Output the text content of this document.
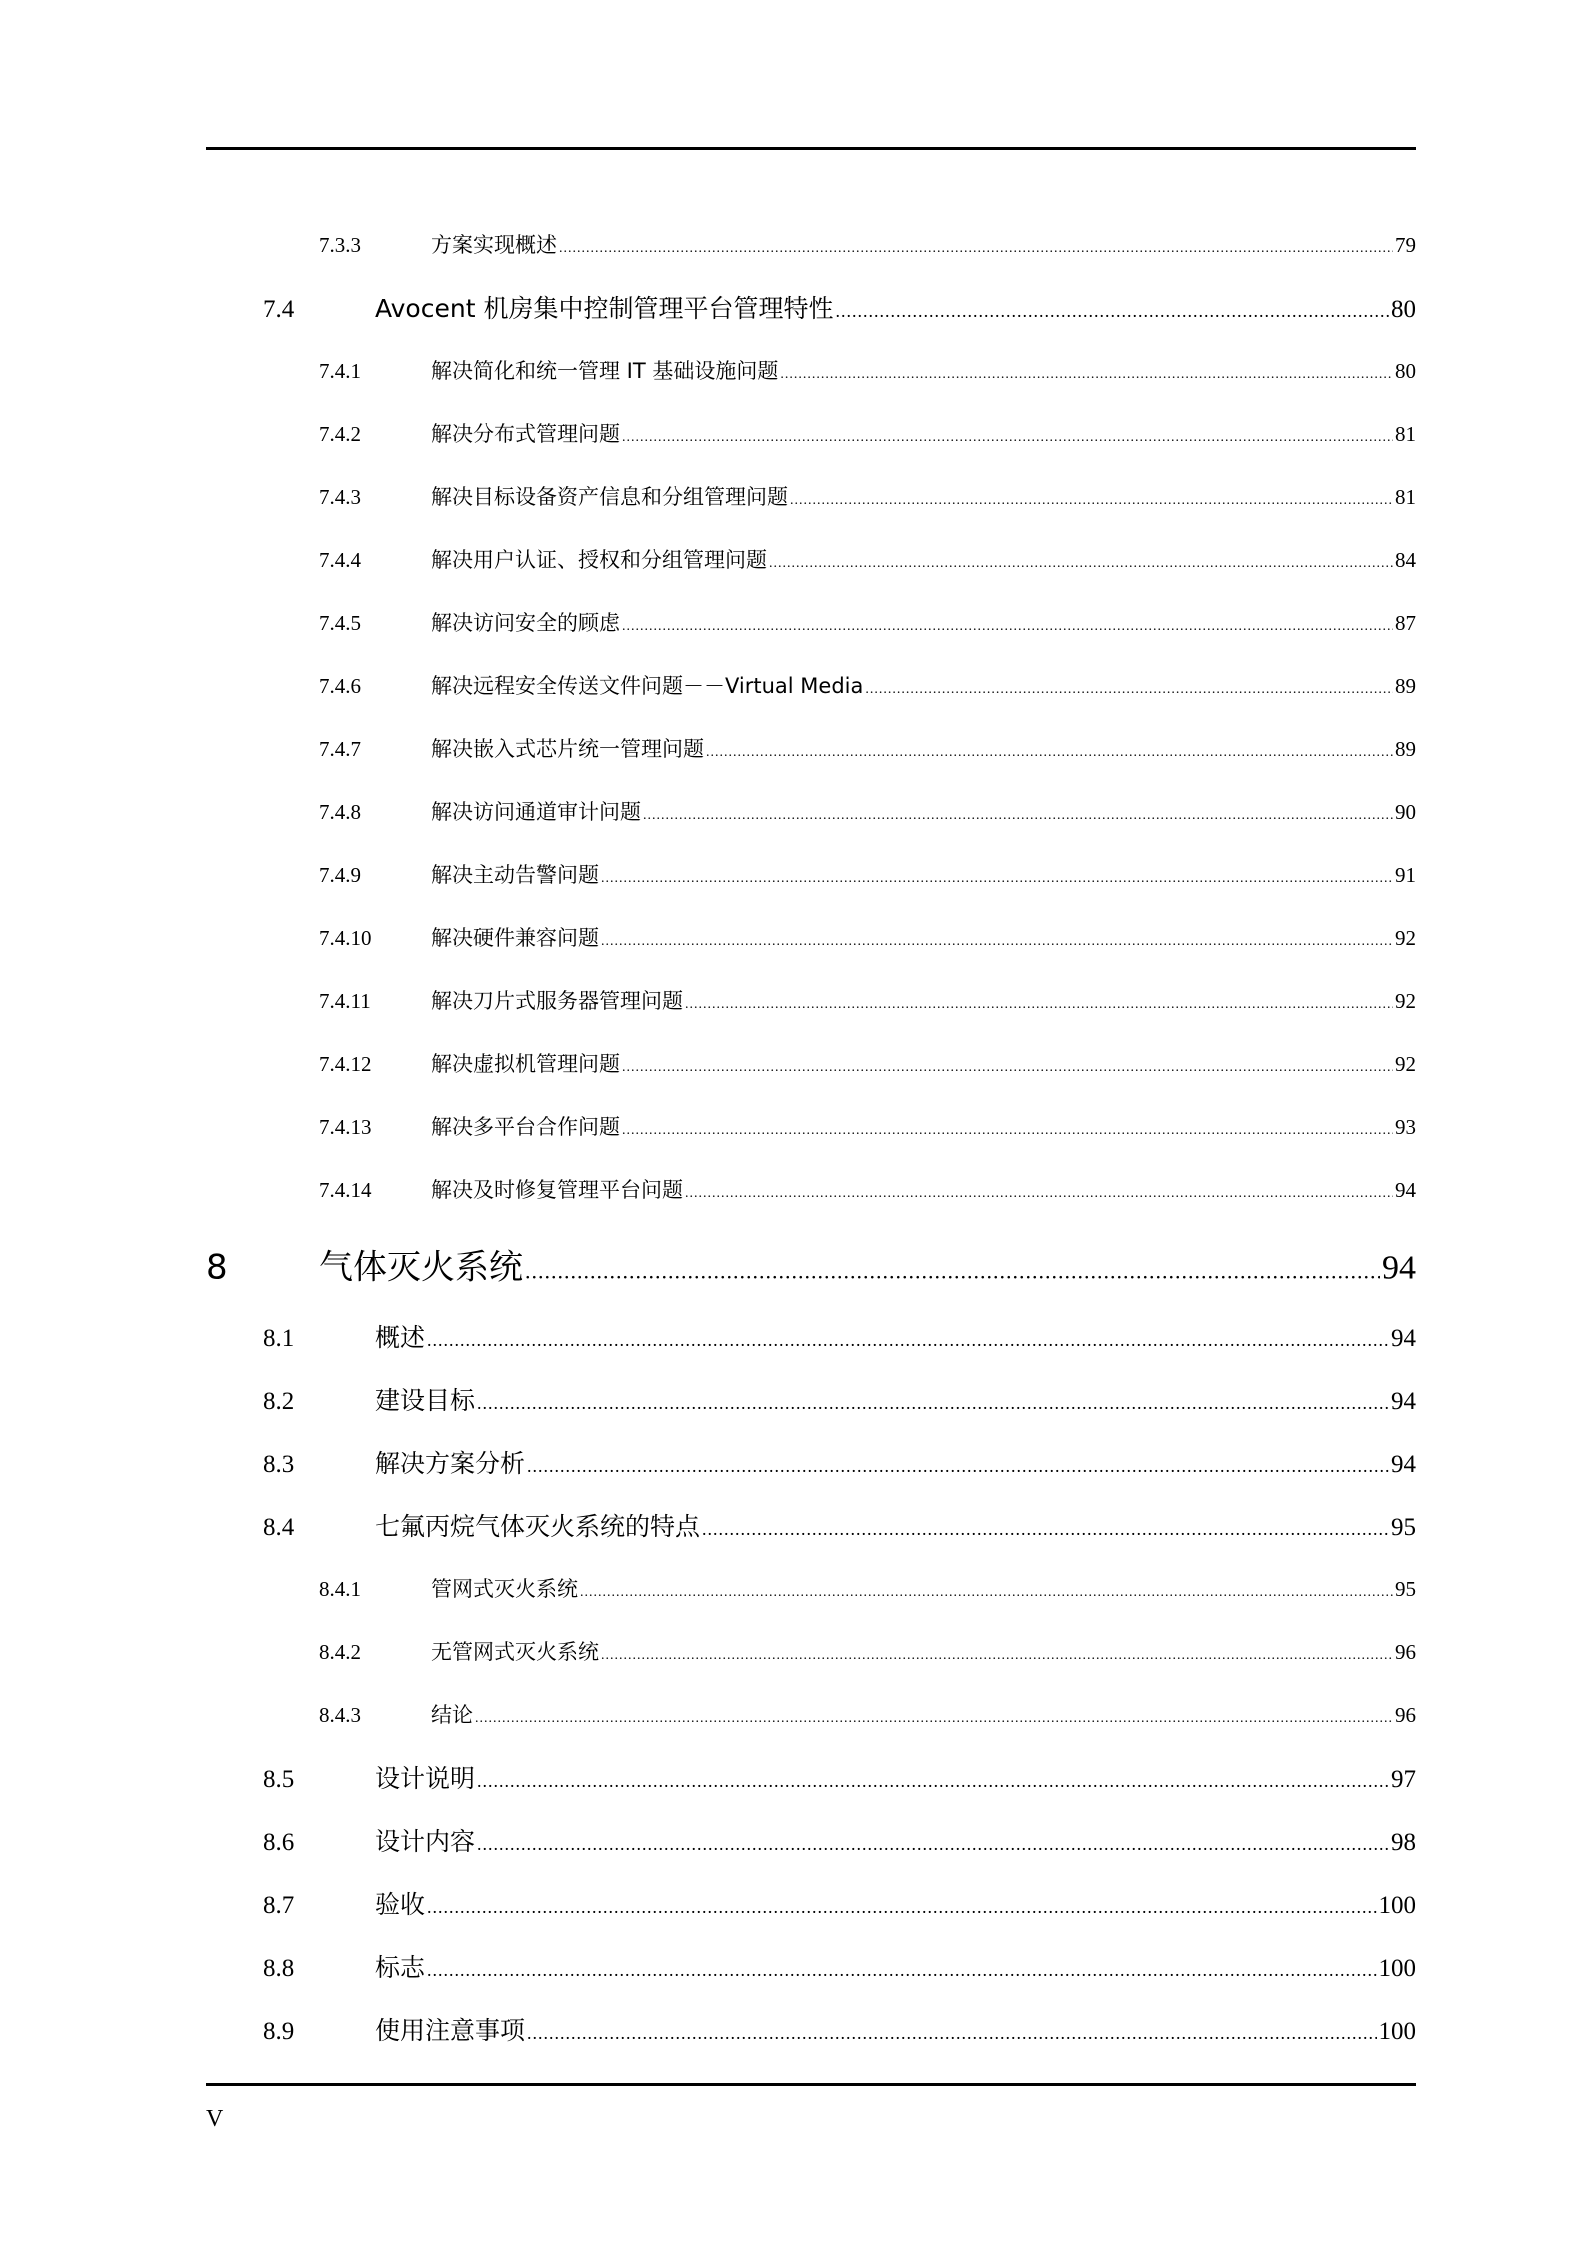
7.3.3	方案实现概述 .....	79
7.4	Avocent 机房集中控制管理平台管理特性 .....	80
7.4.1	解决简化和统一管理 IT 基础设施问题 .....	80
7.4.2	解决分布式管理问题 .....	81
7.4.3	解决目标设备资产信息和分组管理问题 .....	81
7.4.4	解决用户认证、授权和分组管理问题 .....	84
7.4.5	解决访问安全的顾虑 .....	87
7.4.6	解决远程安全传送文件问题－－Virtual Media .....	89
7.4.7	解决嵌入式芯片统一管理问题 .....	89
7.4.8	解决访问通道审计问题 .....	90
7.4.9	解决主动告警问题 .....	91
7.4.10	解决硬件兼容问题 .....	92
7.4.11	解决刀片式服务器管理问题 .....	92
7.4.12	解决虚拟机管理问题 .....	92
7.4.13	解决多平台合作问题 .....	93
7.4.14	解决及时修复管理平台问题 .....	94
8	气体灭火系统 .....	94
8.1	概述 .....	94
8.2	建设目标 .....	94
8.3	解决方案分析 .....	94
8.4	七氟丙烷气体灭火系统的特点 .....	95
8.4.1	管网式灭火系统 .....	95
8.4.2	无管网式灭火系统 .....	96
8.4.3	结论 .....	96
8.5	设计说明 .....	97
8.6	设计内容 .....	98
8.7	验收 .....	100
8.8	标志 .....	100
8.9	使用注意事项 .....	100
V
